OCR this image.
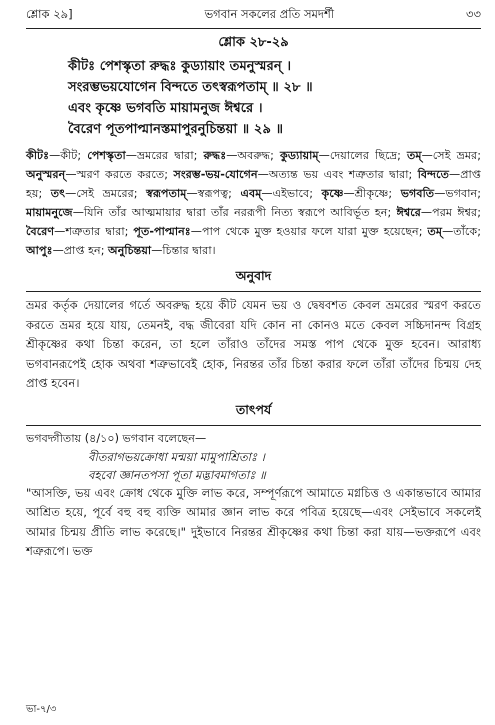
শ্লোক ২৯]	ভগবান সকলের প্রতি সমদর্শী	৩৩
শ্লোক ২৮-২৯
কীটঃ পেশস্কৃতা রুদ্ধঃ কুড্যায়াং তমনুস্মরন্ ।
সংরম্ভভয়যোগেন বিন্দতে তৎস্বরূপতাম্ ॥ ২৮ ॥
এবং কৃষ্ণে ভগবতি মায়ামনুজ ঈশ্বরে ।
বৈরেণ পূতপাপ্মানস্তমাপুরনুচিন্তয়া ॥ ২৯ ॥
কীটঃ—কীট; পেশস্কৃতা—ভ্রমরের দ্বারা; রুদ্ধঃ—অবরুদ্ধ; কুড্যায়াম্—দেয়ালের ছিদ্রে; তম্—সেই ভ্রমর; অনুস্মরন্—স্মরণ করতে করতে; সংরম্ভ-ভয়-যোগেন—অত্যন্ত ভয় এবং শত্রুতার দ্বারা; বিন্দতে—প্রাপ্ত হয়; তৎ—সেই ভ্রমরের; স্বরূপতাম্—স্বরূপত্ব; এবম্—এইভাবে; কৃষ্ণে—শ্রীকৃষ্ণে; ভগবতি—ভগবান; মায়ামনুজে—যিনি তাঁর আত্মমায়ার দ্বারা তাঁর নররূপী নিত্য স্বরূপে আবির্ভূত হন; ঈশ্বরে—পরম ঈশ্বর; বৈরেণ—শত্রুতার দ্বারা; পূত-পাপ্মানঃ—পাপ থেকে মুক্ত হওয়ার ফলে যারা মুক্ত হয়েছেন; তম্—তাঁকে; আপুঃ—প্রাপ্ত হন; অনুচিন্তয়া—চিন্তার দ্বারা।
অনুবাদ
ভ্রমর কর্তৃক দেয়ালের গর্তে অবরুদ্ধ হয়ে কীট যেমন ভয় ও দ্বেষবশত কেবল ভ্রমরের স্মরণ করতে করতে ভ্রমর হয়ে যায়, তেমনই, বদ্ধ জীবেরা যদি কোন না কোনও মতে কেবল সচ্চিদানন্দ বিগ্রহ শ্রীকৃষ্ণের কথা চিন্তা করেন, তা হলে তাঁরাও তাঁদের সমস্ত পাপ থেকে মুক্ত হবেন। আরাধ্য ভগবানরূপেই হোক অথবা শত্রুভাবেই হোক, নিরন্তর তাঁর চিন্তা করার ফলে তাঁরা তাঁদের চিন্ময় দেহ প্রাপ্ত হবেন।
তাৎপর্য
ভগবদ্গীতায় (৪/১০) ভগবান বলেছেন—
বীতরাগভয়ক্রোধা মন্ময়া মামুপাশ্রিতাঃ ।
বহবো জ্ঞানতপসা পূতা মদ্ভাবমাগতাঃ ॥
"আসক্তি, ভয় এবং ক্রোধ থেকে মুক্তি লাভ করে, সম্পূর্ণরূপে আমাতে মগ্নচিত্ত ও একান্তভাবে আমার আশ্রিত হয়ে, পূর্বে বহু বহু ব্যক্তি আমার জ্ঞান লাভ করে পবিত্র হয়েছে—এবং সেইভাবে সকলেই আমার চিন্ময় প্রীতি লাভ করেছে।" দুইভাবে নিরন্তর শ্রীকৃষ্ণের কথা চিন্তা করা যায়—ভক্তরূপে এবং শত্রুরূপে। ভক্ত
ভা-৭/৩
